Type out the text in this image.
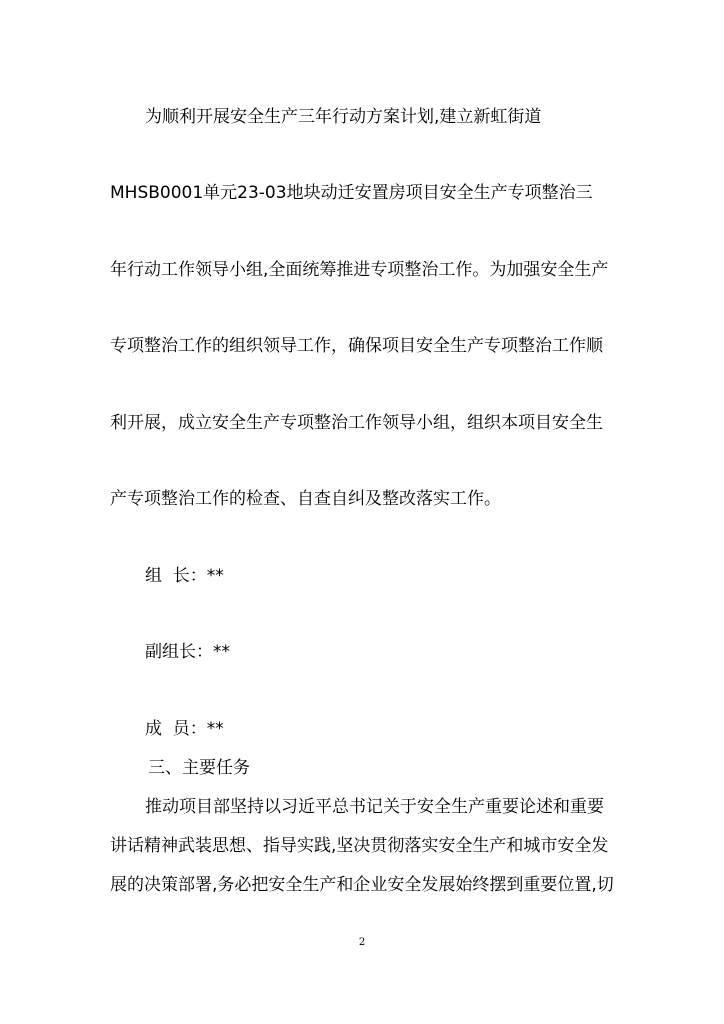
为顺利开展安全生产三年行动方案计划,建立新虹街道
MHSB0001单元23-03地块动迁安置房项目安全生产专项整治三
年行动工作领导小组,全面统筹推进专项整治工作。为加强安全生产
专项整治工作的组织领导工作，确保项目安全生产专项整治工作顺
利开展，成立安全生产专项整治工作领导小组，组织本项目安全生
产专项整治工作的检查、自查自纠及整改落实工作。
组  长：**
副组长：**
成  员：**
三、主要任务
推动项目部坚持以习近平总书记关于安全生产重要论述和重要
讲话精神武装思想、指导实践,坚决贯彻落实安全生产和城市安全发
展的决策部署,务必把安全生产和企业安全发展始终摆到重要位置,切
2
